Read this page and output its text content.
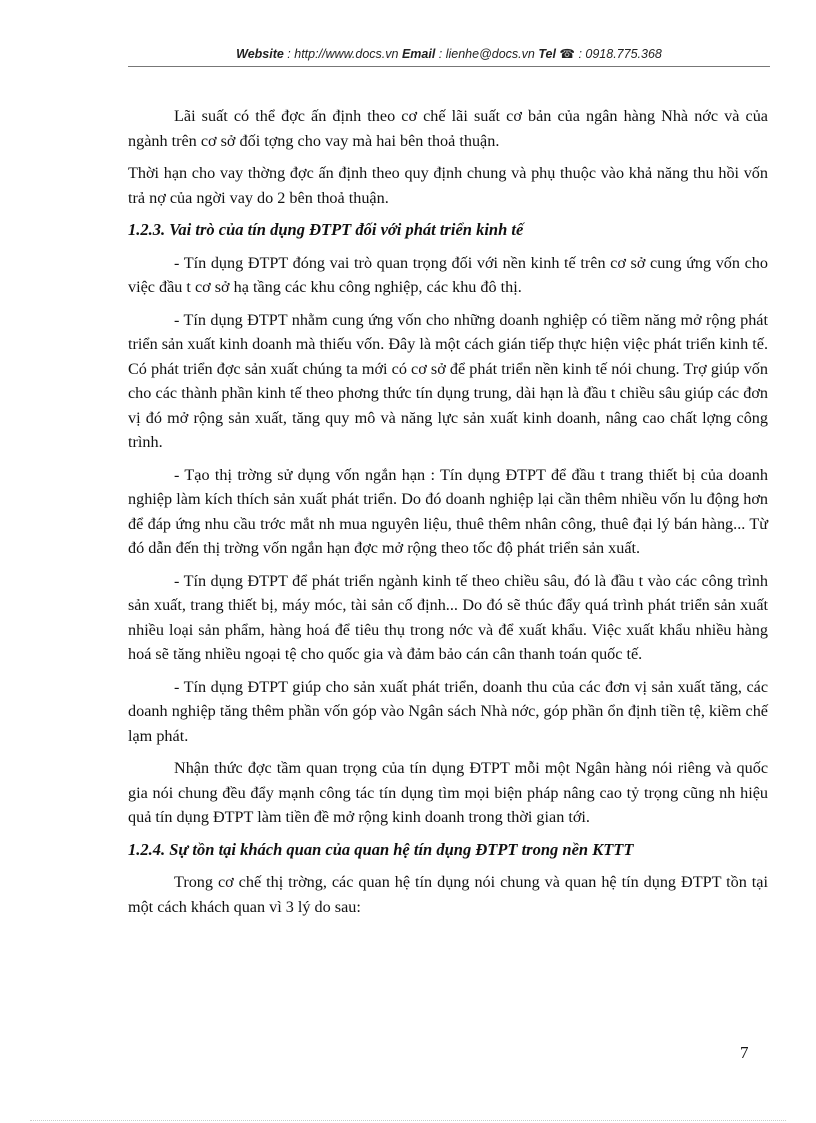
Website : http://www.docs.vn Email : lienhe@docs.vn Tel ☎ : 0918.775.368

Lãi suất có thể đợc ấn định theo cơ chế lãi suất cơ bản của ngân hàng Nhà nớc và của ngành trên cơ sở đối tợng cho vay mà hai bên thoả thuận.

Thời hạn cho vay thờng đợc ấn định theo quy định chung và phụ thuộc vào khả năng thu hồi vốn trả nợ của ngời vay do 2 bên thoả thuận.

1.2.3. Vai trò của tín dụng ĐTPT đối với phát triển kinh tế

- Tín dụng ĐTPT đóng vai trò quan trọng đối với nền kinh tế trên cơ sở cung ứng vốn cho việc đầu t cơ sở hạ tầng các khu công nghiệp, các khu đô thị.

- Tín dụng ĐTPT nhằm cung ứng vốn cho những doanh nghiệp có tiềm năng mở rộng phát triển sản xuất kinh doanh mà thiếu vốn. Đây là một cách gián tiếp thực hiện việc phát triển kinh tế. Có phát triển đợc sản xuất chúng ta mới có cơ sở để phát triển nền kinh tế nói chung. Trợ giúp vốn cho các thành phần kinh tế theo phơng thức tín dụng trung, dài hạn là đầu t chiều sâu giúp các đơn vị đó mở rộng sản xuất, tăng quy mô và năng lực sản xuất kinh doanh, nâng cao chất lợng công trình.

- Tạo thị trờng sử dụng vốn ngắn hạn : Tín dụng ĐTPT để đầu t trang thiết bị của doanh nghiệp làm kích thích sản xuất phát triển. Do đó doanh nghiệp lại cần thêm nhiều vốn lu động hơn để đáp ứng nhu cầu trớc mắt nh mua nguyên liệu, thuê thêm nhân công, thuê đại lý bán hàng... Từ đó dẫn đến thị trờng vốn ngắn hạn đợc mở rộng theo tốc độ phát triển sản xuất.

- Tín dụng ĐTPT để phát triển ngành kinh tế theo chiều sâu, đó là đầu t vào các công trình sản xuất, trang thiết bị, máy móc, tài sản cố định... Do đó sẽ thúc đẩy quá trình phát triển sản xuất nhiều loại sản phẩm, hàng hoá để tiêu thụ trong nớc và để xuất khẩu. Việc xuất khẩu nhiều hàng hoá sẽ tăng nhiều ngoại tệ cho quốc gia và đảm bảo cán cân thanh toán quốc tế.

- Tín dụng ĐTPT giúp cho sản xuất phát triển, doanh thu của các đơn vị sản xuất tăng, các doanh nghiệp tăng thêm phần vốn góp vào Ngân sách Nhà nớc, góp phần ổn định tiền tệ, kiềm chế lạm phát.

Nhận thức đợc tầm quan trọng của tín dụng ĐTPT mỗi một Ngân hàng nói riêng và quốc gia nói chung đều đẩy mạnh công tác tín dụng tìm mọi biện pháp nâng cao tỷ trọng cũng nh hiệu quả tín dụng ĐTPT làm tiền đề mở rộng kinh doanh trong thời gian tới.

1.2.4. Sự tồn tại khách quan của quan hệ tín dụng ĐTPT trong nền KTTT

Trong cơ chế thị trờng, các quan hệ tín dụng nói chung và quan hệ tín dụng ĐTPT tồn tại một cách khách quan vì 3 lý do sau:

7
